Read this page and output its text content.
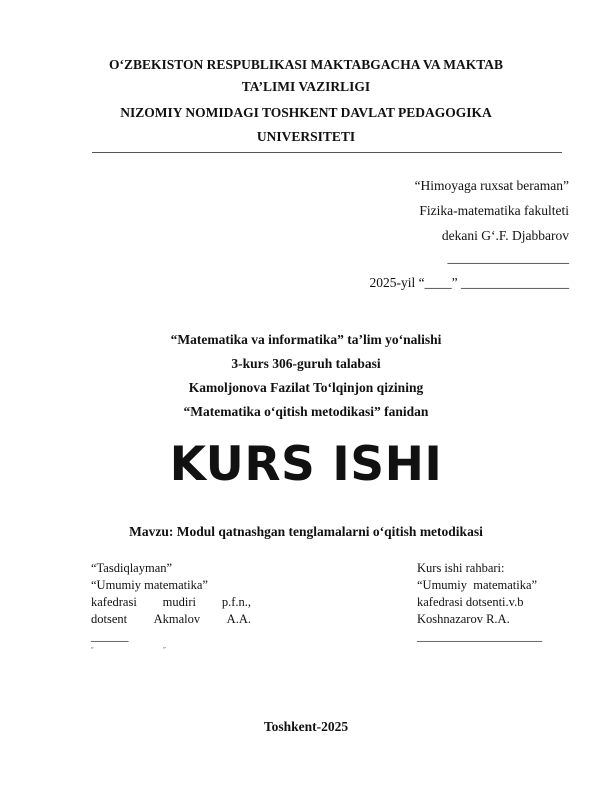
O‘ZBEKISTON RESPUBLIKASI MAKTABGACHA VA MAKTAB
TA’LIMI VAZIRLIGI
NIZOMIY NOMIDAGI TOSHKENT DAVLAT PEDAGOGIKA
UNIVERSITETI
“Himoyaga ruxsat beraman”
Fizika-matematika fakulteti
dekani G‘.F. Djabbarov
__________________
2025-yil “____” ________________
“Matematika va informatika” ta’lim yo‘nalishi
3-kurs 306-guruh talabasi
Kamoljonova Fazilat To‘lqinjon qizining
“Matematika o‘qitish metodikasi” fanidan
KURS ISHI
Mavzu: Modul qatnashgan tenglamalarni o‘qitish metodikasi
“Tasdiqlayman”
“Umumiy matematika”
kafedrasi mudiri p.f.n.,
dotsent Akmalov A.A.
______
“ ”
Kurs ishi rahbari:
“Umumiy  matematika”
kafedrasi dotsenti.v.b
Koshnazarov R.A.
____________________
Toshkent-2025
